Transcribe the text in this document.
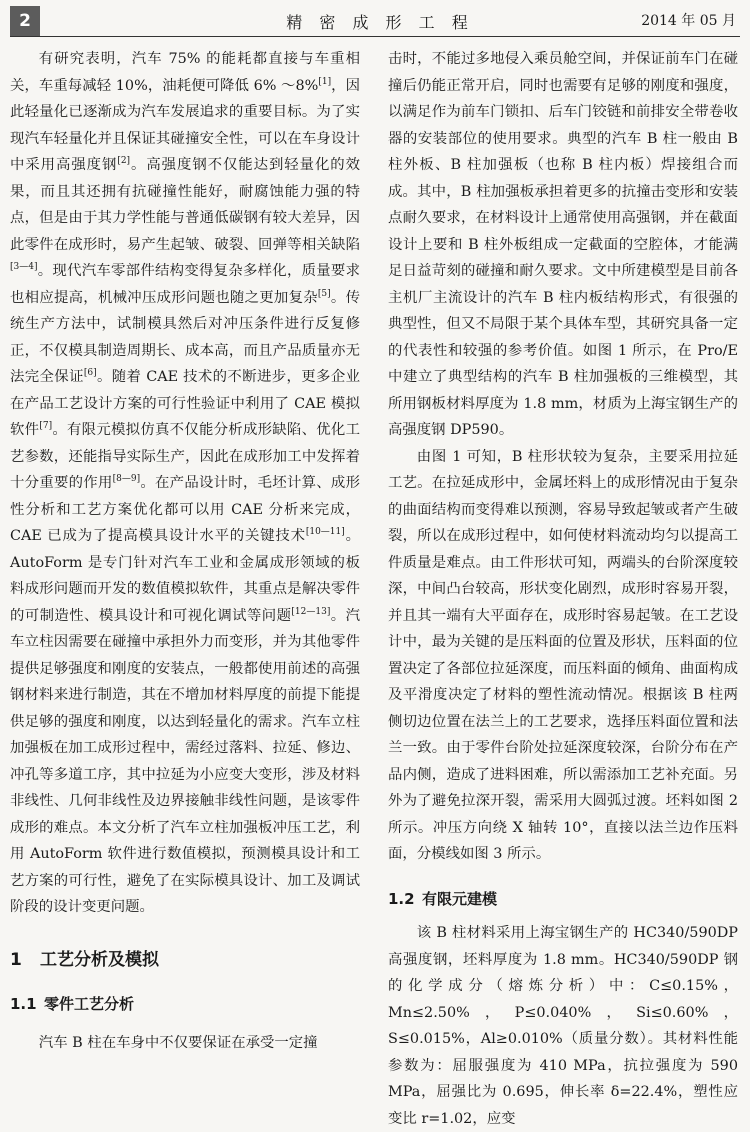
2	精 密 成 形 工 程	2014 年 05 月

有研究表明，汽车 75% 的能耗都直接与车重相关，车重每减轻 10%，油耗便可降低 6% ～8%[1]，因此轻量化已逐渐成为汽车发展追求的重要目标。为了实现汽车轻量化并且保证其碰撞安全性，可以在车身设计中采用高强度钢[2]。高强度钢不仅能达到轻量化的效果，而且其还拥有抗碰撞性能好，耐腐蚀能力强的特点，但是由于其力学性能与普通低碳钢有较大差异，因此零件在成形时，易产生起皱、破裂、回弹等相关缺陷[3—4]。现代汽车零部件结构变得复杂多样化，质量要求也相应提高，机械冲压成形问题也随之更加复杂[5]。传统生产方法中，试制模具然后对冲压条件进行反复修正，不仅模具制造周期长、成本高，而且产品质量亦无法完全保证[6]。随着 CAE 技术的不断进步，更多企业在产品工艺设计方案的可行性验证中利用了 CAE 模拟软件[7]。有限元模拟仿真不仅能分析成形缺陷、优化工艺参数，还能指导实际生产，因此在成形加工中发挥着十分重要的作用[8—9]。在产品设计时，毛坯计算、成形性分析和工艺方案优化都可以用 CAE 分析来完成，CAE 已成为了提高模具设计水平的关键技术[10—11]。AutoForm 是专门针对汽车工业和金属成形领域的板料成形问题而开发的数值模拟软件，其重点是解决零件的可制造性、模具设计和可视化调试等问题[12—13]。汽车立柱因需要在碰撞中承担外力而变形，并为其他零件提供足够强度和刚度的安装点，一般都使用前述的高强钢材料来进行制造，其在不增加材料厚度的前提下能提供足够的强度和刚度，以达到轻量化的需求。汽车立柱加强板在加工成形过程中，需经过落料、拉延、修边、冲孔等多道工序，其中拉延为小应变大变形，涉及材料非线性、几何非线性及边界接触非线性问题，是该零件成形的难点。本文分析了汽车立柱加强板冲压工艺，利用 AutoForm 软件进行数值模拟，预测模具设计和工艺方案的可行性，避免了在实际模具设计、加工及调试阶段的设计变更问题。

1 工艺分析及模拟
1.1 零件工艺分析

汽车 B 柱在车身中不仅要保证在承受一定撞

击时，不能过多地侵入乘员舱空间，并保证前车门在碰撞后仍能正常开启，同时也需要有足够的刚度和强度，以满足作为前车门锁扣、后车门铰链和前排安全带卷收器的安装部位的使用要求。典型的汽车 B 柱一般由 B 柱外板、B 柱加强板（也称 B 柱内板）焊接组合而成。其中，B 柱加强板承担着更多的抗撞击变形和安装点耐久要求，在材料设计上通常使用高强钢，并在截面设计上要和 B 柱外板组成一定截面的空腔体，才能满足日益苛刻的碰撞和耐久要求。文中所建模型是目前各主机厂主流设计的汽车 B 柱内板结构形式，有很强的典型性，但又不局限于某个具体车型，其研究具备一定的代表性和较强的参考价值。如图 1 所示，在 Pro/E 中建立了典型结构的汽车 B 柱加强板的三维模型，其所用钢板材料厚度为 1.8 mm，材质为上海宝钢生产的高强度钢 DP590。

由图 1 可知，B 柱形状较为复杂，主要采用拉延工艺。在拉延成形中，金属坯料上的成形情况由于复杂的曲面结构而变得难以预测，容易导致起皱或者产生破裂，所以在成形过程中，如何使材料流动均匀以提高工件质量是难点。由工件形状可知，两端头的台阶深度较深，中间凸台较高，形状变化剧烈，成形时容易开裂，并且其一端有大平面存在，成形时容易起皱。在工艺设计中，最为关键的是压料面的位置及形状，压料面的位置决定了各部位拉延深度，而压料面的倾角、曲面构成及平滑度决定了材料的塑性流动情况。根据该 B 柱两侧切边位置在法兰上的工艺要求，选择压料面位置和法兰一致。由于零件台阶处拉延深度较深，台阶分布在产品内侧，造成了进料困难，所以需添加工艺补充面。另外为了避免拉深开裂，需采用大圆弧过渡。坯料如图 2 所示。冲压方向绕 X 轴转 10°，直接以法兰边作压料面，分模线如图 3 所示。

1.2 有限元建模

该 B 柱材料采用上海宝钢生产的 HC340/590DP 高强度钢，坯料厚度为 1.8 mm。HC340/590DP 钢的化学成分（熔炼分析）中：C≤0.15%，Mn≤2.50%，P≤0.040%，Si≤0.60%，S≤0.015%，Al≥0.010%（质量分数）。其材料性能参数为：屈服强度为 410 MPa，抗拉强度为 590 MPa，屈强比为 0.695，伸长率 δ=22.4%，塑性应变比 r=1.02，应变
